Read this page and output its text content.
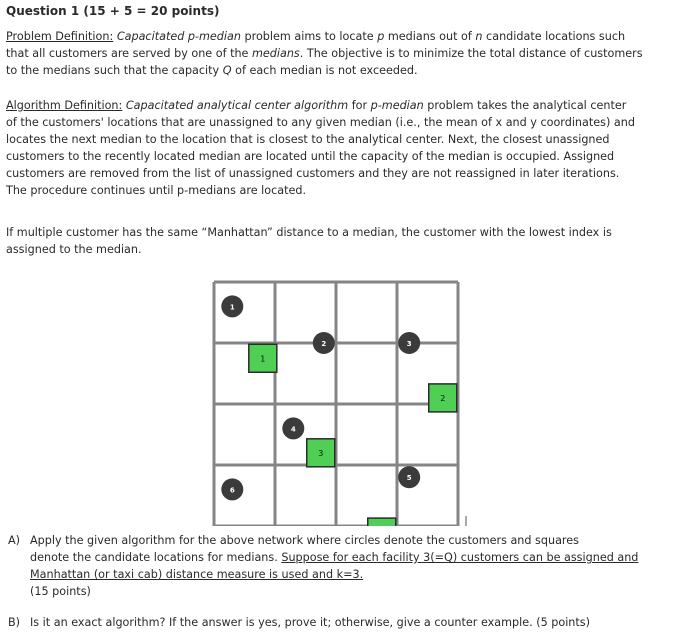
Question 1 (15 + 5 = 20 points)
Problem Definition: Capacitated p-median problem aims to locate p medians out of n candidate locations such
that all customers are served by one of the medians. The objective is to minimize the total distance of customers
to the medians such that the capacity Q of each median is not exceeded.
Algorithm Definition: Capacitated analytical center algorithm for p-median problem takes the analytical center
of the customers' locations that are unassigned to any given median (i.e., the mean of x and y coordinates) and
locates the next median to the location that is closest to the analytical center. Next, the closest unassigned
customers to the recently located median are located until the capacity of the median is occupied. Assigned
customers are removed from the list of unassigned customers and they are not reassigned in later iterations.
The procedure continues until p-medians are located.
If multiple customer has the same “Manhattan” distance to a median, the customer with the lowest index is
assigned to the median.
1
2
3
1
2	3
4
5
6
A) Apply the given algorithm for the above network where circles denote the customers and squares
denote the candidate locations for medians. Suppose for each facility 3(=Q) customers can be assigned and
Manhattan (or taxi cab) distance measure is used and k=3.
(15 points)
B) Is it an exact algorithm? If the answer is yes, prove it; otherwise, give a counter example. (5 points)
